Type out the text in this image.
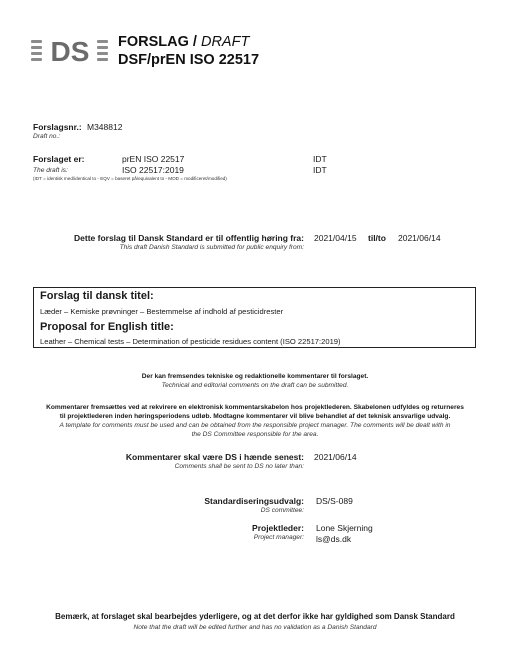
DS FORSLAG / DRAFT
DSF/prEN ISO 22517
Forslagsnr.: M348812
Draft no.:
Forslaget er:	prEN ISO 22517	IDT
The draft is:	ISO 22517:2019	IDT
(IDT = identisk med/identical to - EQV = baseret på/equivalent to - MOD = modificeret/modified)
Dette forslag til Dansk Standard er til offentlig høring fra:
This draft Danish Standard is submitted for public enquiry from:
2021/04/15 til/to 2021/06/14
Forslag til dansk titel:
Læder – Kemiske prøvninger – Bestemmelse af indhold af pesticidrester
Proposal for English title:
Leather – Chemical tests – Determination of pesticide residues content (ISO 22517:2019)
Der kan fremsendes tekniske og redaktionelle kommentarer til forslaget.
Technical and editorial comments on the draft can be submitted.
Kommentarer fremsættes ved at rekvirere en elektronisk kommentarskabelon hos projektlederen. Skabelonen udfyldes og returneres
til projektlederen inden høringsperiodens udløb. Modtagne kommentarer vil blive behandlet af det teknisk ansvarlige udvalg.
A template for comments must be used and can be obtained from the responsible project manager. The comments will be dealt with in
the DS Committee responsible for the area.
Kommentarer skal være DS i hænde senest:
Comments shall be sent to DS no later than:
2021/06/14
Standardiseringsudvalg:
DS committee:
DS/S-089
Projektleder:
Project manager:
Lone Skjerning
ls@ds.dk
Bemærk, at forslaget skal bearbejdes yderligere, og at det derfor ikke har gyldighed som Dansk Standard
Note that the draft will be edited further and has no validation as a Danish Standard
